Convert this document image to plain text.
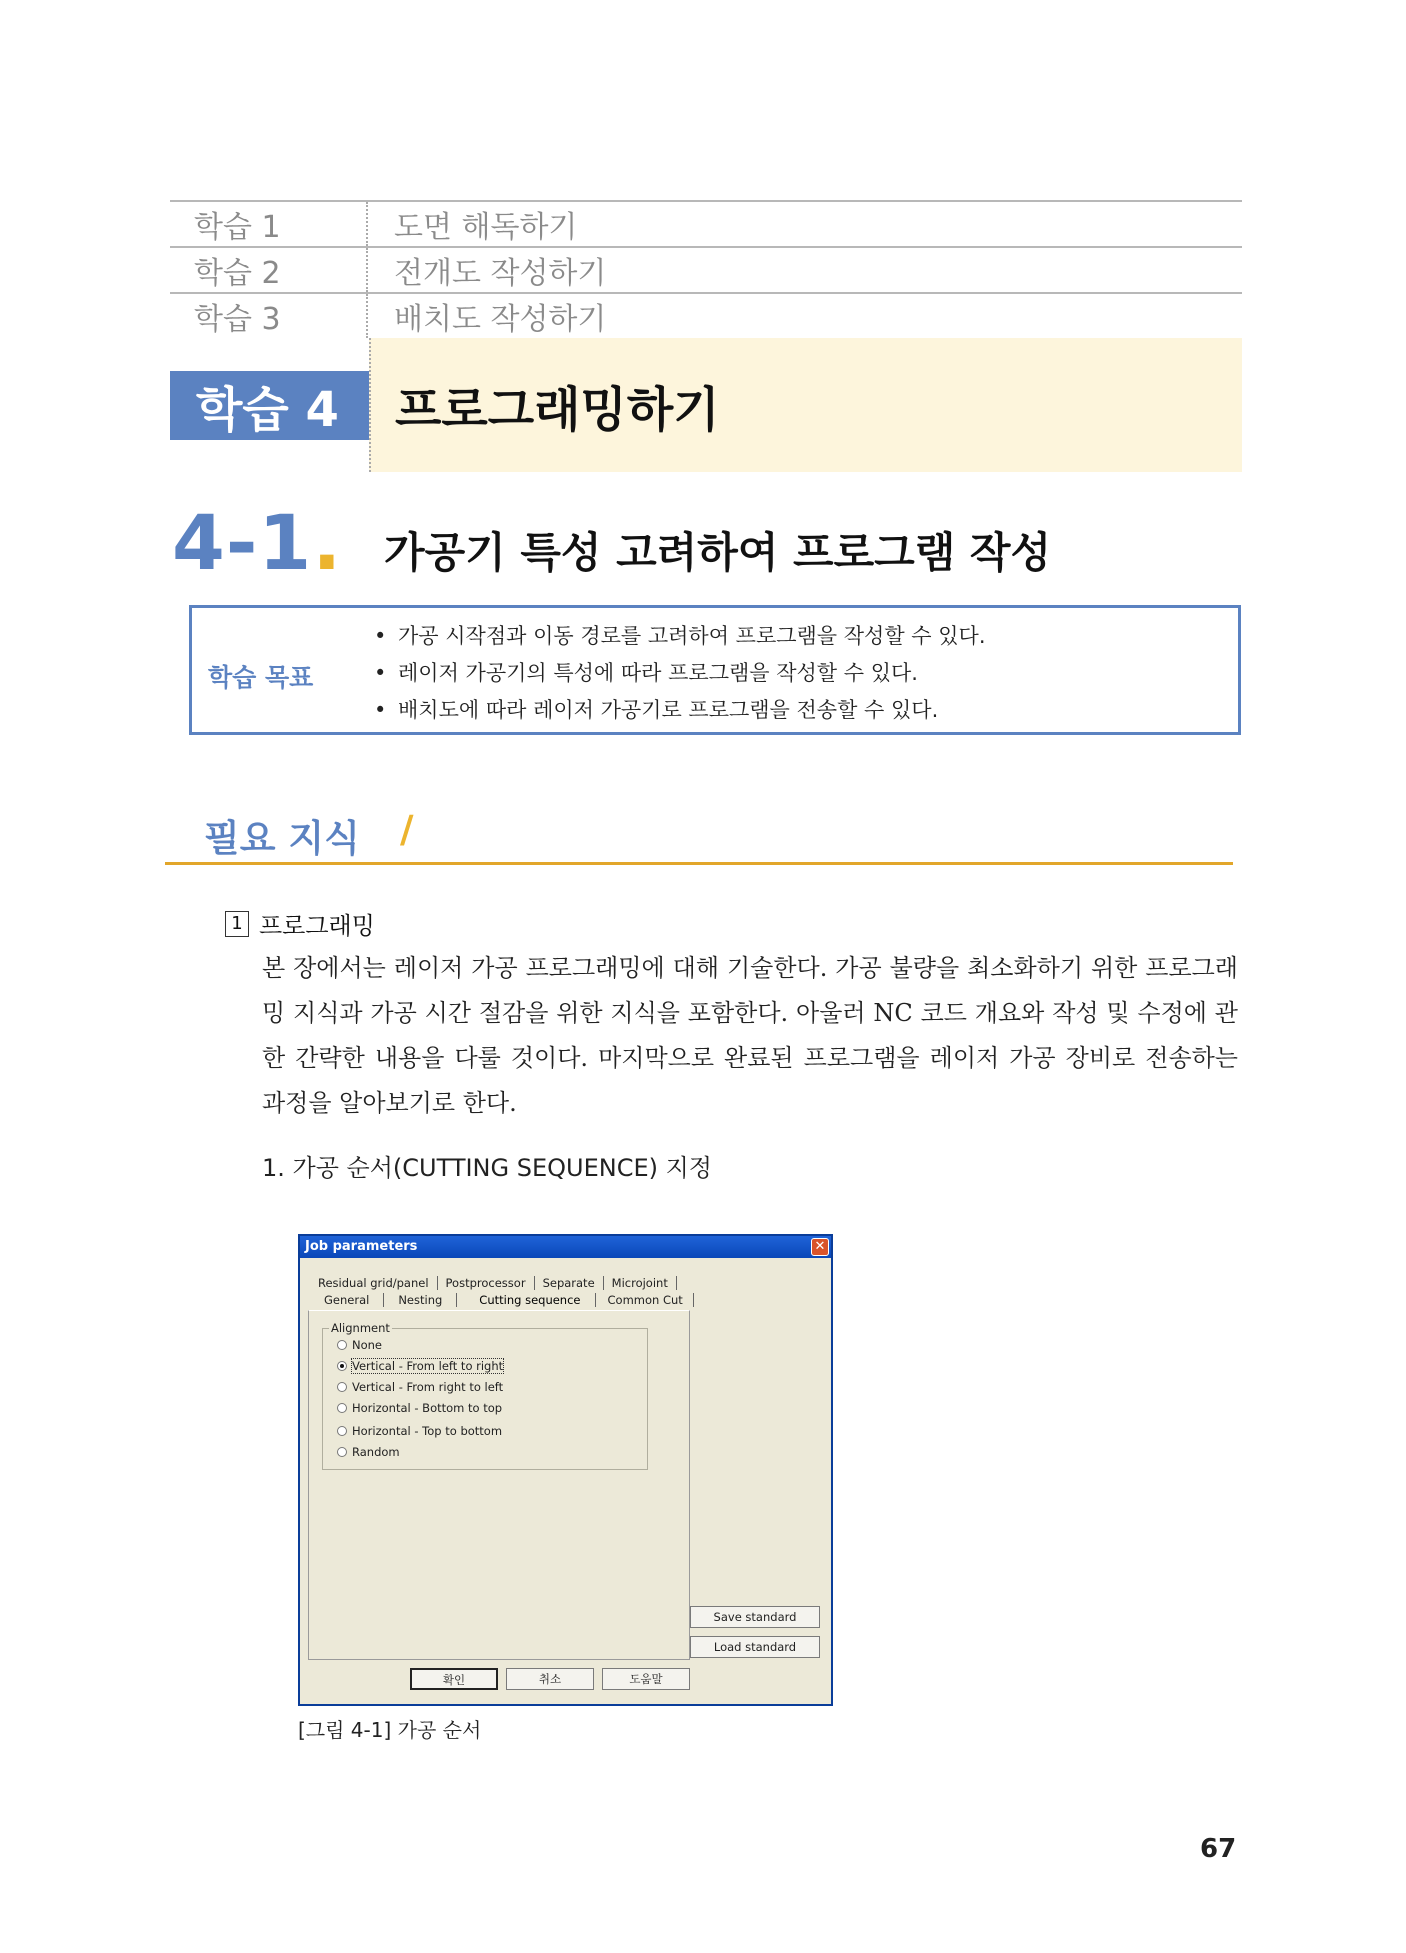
학습 1	도면 해독하기
학습 2	전개도 작성하기
학습 3	배치도 작성하기
학습 4	프로그래밍하기
4-1. 가공기 특성 고려하여 프로그램 작성
학습 목표
• 가공 시작점과 이동 경로를 고려하여 프로그램을 작성할 수 있다.
• 레이저 가공기의 특성에 따라 프로그램을 작성할 수 있다.
• 배치도에 따라 레이저 가공기로 프로그램을 전송할 수 있다.
필요 지식 /
1 프로그래밍

본 장에서는 레이저 가공 프로그래밍에 대해 기술한다. 가공 불량을 최소화하기 위한 프로그래밍 지식과 가공 시간 절감을 위한 지식을 포함한다. 아울러 NC 코드 개요와 작성 및 수정에 관한 간략한 내용을 다룰 것이다. 마지막으로 완료된 프로그램을 레이저 가공 장비로 전송하는 과정을 알아보기로 한다.

1. 가공 순서(CUTTING SEQUENCE) 지정
Job parameters	✕
Residual grid/panel	Postprocessor	Separate	Microjoint
General	Nesting	Cutting sequence	Common Cut
Alignment
None
Vertical - From left to right
Vertical - From right to left
Horizontal - Bottom to top
Horizontal - Top to bottom
Random
Save standard
Load standard
확인	취소	도움말
[그림 4-1] 가공 순서
67
